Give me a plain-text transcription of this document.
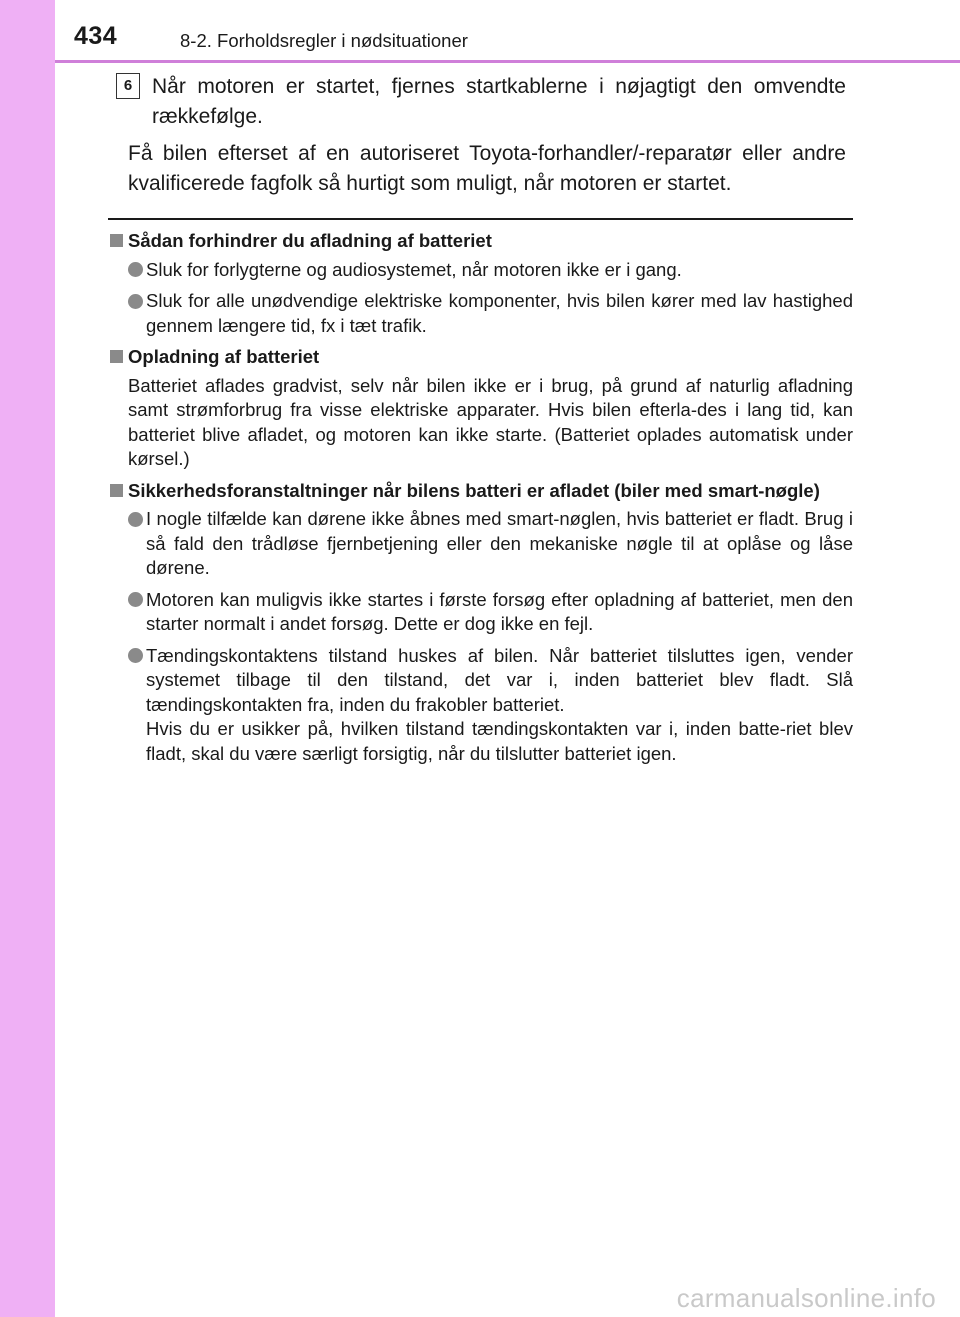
434	8-2. Forholdsregler i nødsituationer
6 Når motoren er startet, fjernes startkablerne i nøjagtigt den omvendte rækkefølge.
Få bilen efterset af en autoriseret Toyota-forhandler/-reparatør eller andre kvalificerede fagfolk så hurtigt som muligt, når motoren er startet.
Sådan forhindrer du afladning af batteriet
Sluk for forlygterne og audiosystemet, når motoren ikke er i gang.
Sluk for alle unødvendige elektriske komponenter, hvis bilen kører med lav hastighed gennem længere tid, fx i tæt trafik.
Opladning af batteriet
Batteriet aflades gradvist, selv når bilen ikke er i brug, på grund af naturlig afladning samt strømforbrug fra visse elektriske apparater. Hvis bilen efterla-des i lang tid, kan batteriet blive afladet, og motoren kan ikke starte. (Batteriet oplades automatisk under kørsel.)
Sikkerhedsforanstaltninger når bilens batteri er afladet (biler med smart-nøgle)
I nogle tilfælde kan dørene ikke åbnes med smart-nøglen, hvis batteriet er fladt. Brug i så fald den trådløse fjernbetjening eller den mekaniske nøgle til at oplåse og låse dørene.
Motoren kan muligvis ikke startes i første forsøg efter opladning af batteriet, men den starter normalt i andet forsøg. Dette er dog ikke en fejl.
Tændingskontaktens tilstand huskes af bilen. Når batteriet tilsluttes igen, vender systemet tilbage til den tilstand, det var i, inden batteriet blev fladt. Slå tændingskontakten fra, inden du frakobler batteriet.
Hvis du er usikker på, hvilken tilstand tændingskontakten var i, inden batte-riet blev fladt, skal du være særligt forsigtig, når du tilslutter batteriet igen.
carmanualsonline.info
